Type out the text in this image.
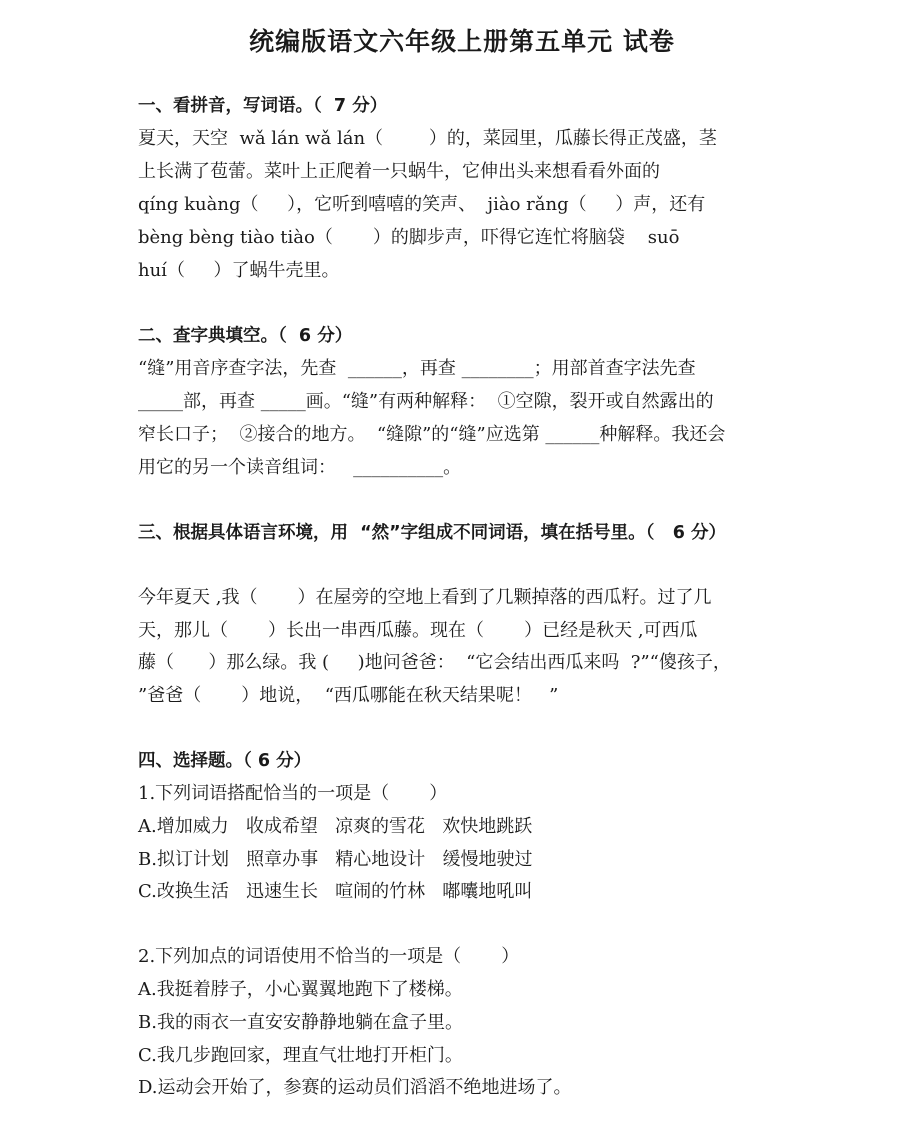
统编版语文六年级上册第五单元 试卷
一、看拼音，写词语。（  7 分）
夏天，天空  wǎ lán wǎ lán（        ）的，菜园里，瓜藤长得正茂盛，茎
上长满了苞蕾。菜叶上正爬着一只蜗牛，它伸出头来想看看外面的
qíng kuàng（     ），它听到嘻嘻的笑声、  jiào rǎng（     ）声，还有
bèng bèng tiào tiào（       ）的脚步声，吓得它连忙将脑袋    suō
huí（     ）了蜗牛壳里。
二、查字典填空。（  6 分）
“缝”用音序查字法，先查  ______，再查 ________；用部首查字法先查
_____部，再查 _____画。“缝”有两种解释：  ①空隙，裂开或自然露出的
窄长口子；  ②接合的地方。  “缝隙”的“缝”应选第 ______种解释。我还会
用它的另一个读音组词：   __________。
三、根据具体语言环境，用  “然”字组成不同词语，填在括号里。（   6 分）
今年夏天 ,我（       ）在屋旁的空地上看到了几颗掉落的西瓜籽。过了几
天，那儿（       ）长出一串西瓜藤。现在（       ）已经是秋天 ,可西瓜
藤（      ）那么绿。我 (     )地问爸爸：  “它会结出西瓜来吗  ?”“傻孩子，
”爸爸（       ）地说，  “西瓜哪能在秋天结果呢！   ”
四、选择题。（ 6 分）
1.下列词语搭配恰当的一项是（       ）
A.增加威力   收成希望   凉爽的雪花   欢快地跳跃
B.拟订计划   照章办事   精心地设计   缓慢地驶过
C.改换生活   迅速生长   喧闹的竹林   嘟囔地吼叫
2.下列加点的词语使用不恰当的一项是（       ）
A.我挺着脖子，小心翼翼地跑下了楼梯。
B.我的雨衣一直安安静静地躺在盒子里。
C.我几步跑回家，理直气壮地打开柜门。
D.运动会开始了，参赛的运动员们滔滔不绝地进场了。
